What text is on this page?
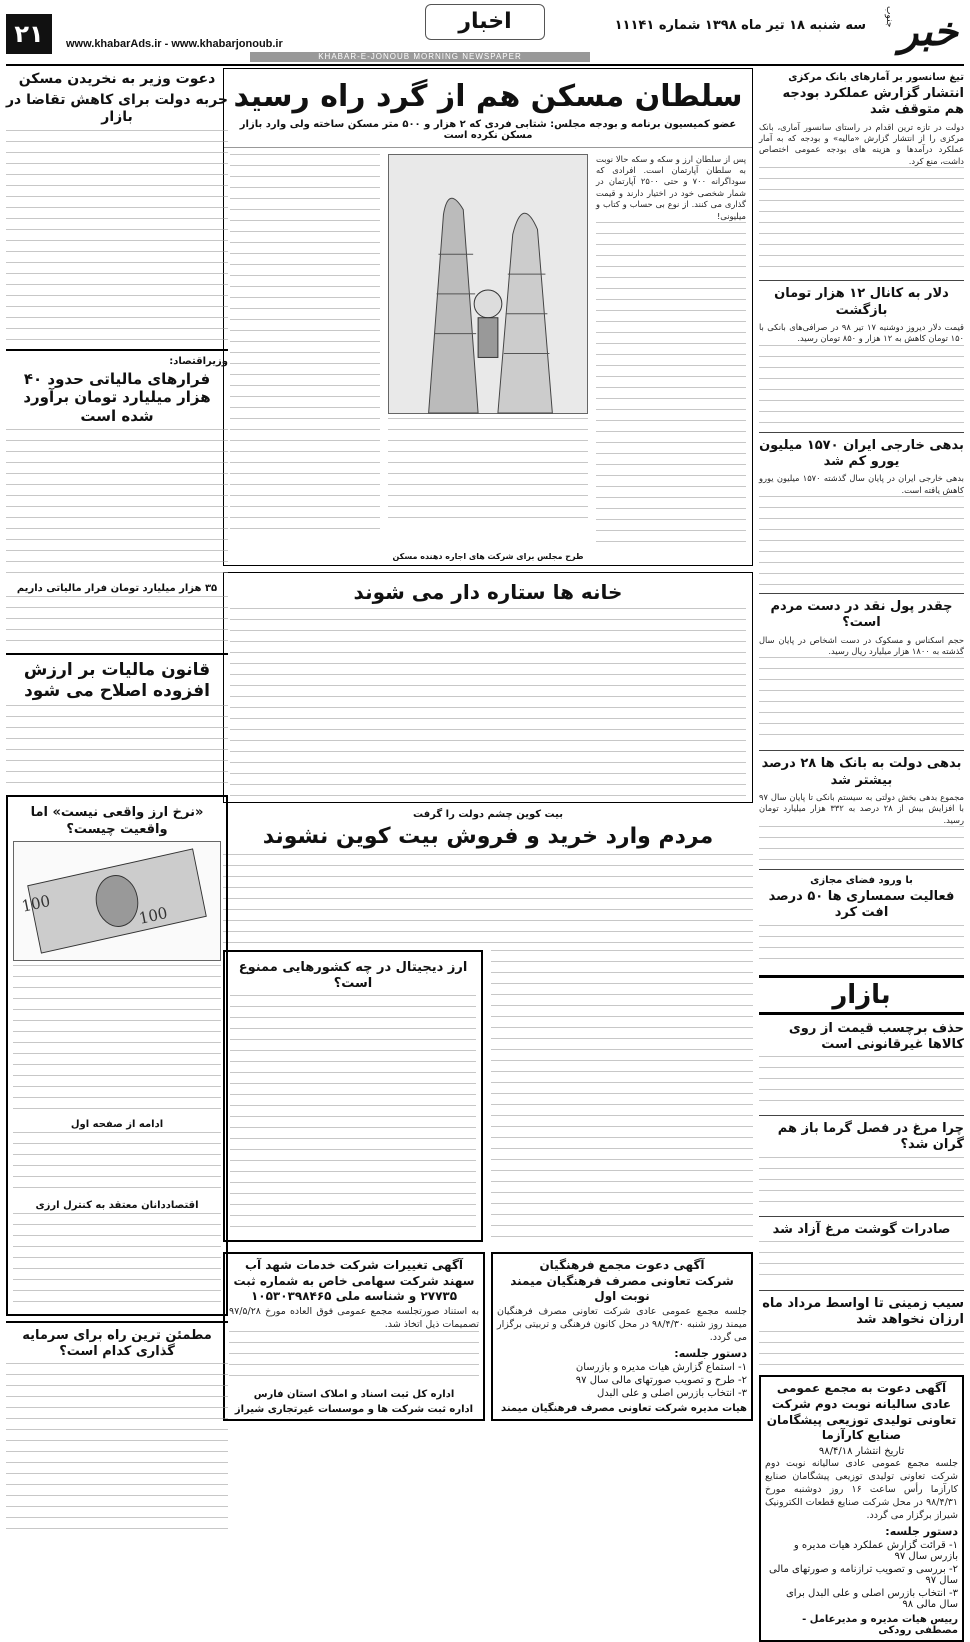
خبر
جنوب
سه شنبه ۱۸ تیر ماه ۱۳۹۸ شماره ۱۱۱۴۱
اخبار
www.khabarAds.ir - www.khabarjonoub.ir
۲۱
KHABAR-E-JONOUB MORNING NEWSPAPER
تیغ سانسور بر آمارهای بانک مرکزی
انتشار گزارش عملکرد بودجه هم متوقف شد

دولت در تازه ترین اقدام در راستای سانسور آماری، بانک مرکزی را از انتشار گزارش «مالیه» و بودجه که به آمار عملکرد درآمدها و هزینه های بودجه عمومی اختصاص داشت، منع کرد.

دلار به کانال ۱۲ هزار تومان بازگشت

قیمت دلار دیروز دوشنبه ۱۷ تیر ۹۸ در صرافی‌های بانکی با ۱۵۰ تومان کاهش به ۱۲ هزار و ۸۵۰ تومان رسید.

بدهی خارجی ایران ۱۵۷۰ میلیون یورو کم شد

بدهی خارجی ایران در پایان سال گذشته ۱۵۷۰ میلیون یورو کاهش یافته است.

چقدر پول نقد در دست مردم است؟

حجم اسکناس و مسکوک در دست اشخاص در پایان سال گذشته به ۱۸۰۰ هزار میلیارد ریال رسید.

بدهی دولت به بانک ها ۲۸ درصد بیشتر شد

مجموع بدهی بخش دولتی به سیستم بانکی تا پایان سال ۹۷ با افزایش بیش از ۲۸ درصد به ۳۳۲ هزار میلیارد تومان رسید.

با ورود فضای مجازی
فعالیت سمساری ها ۵۰ درصد افت کرد
بازار
حذف برچسب قیمت از روی کالاها غیرقانونی است
چرا مرغ در فصل گرما باز هم گران شد؟
صادرات گوشت مرغ آزاد شد
سیب زمینی تا اواسط مرداد ماه ارزان نخواهد شد
آگهی دعوت به مجمع عمومی عادی سالیانه نوبت دوم شرکت تعاونی تولیدی توزیعی پیشگامان صنایع کارآزما
تاریخ انتشار ۹۸/۴/۱۸

جلسه مجمع عمومی عادی سالیانه نوبت دوم شرکت تعاونی تولیدی توزیعی پیشگامان صنایع کارآزما رأس ساعت ۱۶ روز دوشنبه مورخ ۹۸/۴/۳۱ در محل شرکت صنایع قطعات الکترونیک شیراز برگزار می گردد.

دستور جلسه:
۱- قرائت گزارش عملکرد هیات مدیره و بازرس سال ۹۷
۲- بررسی و تصویب ترازنامه و صورتهای مالی سال ۹۷
۳- انتخاب بازرس اصلی و علی البدل برای سال مالی ۹۸
رییس هیات مدیره و مدیرعامل - مصطفی رودکی
سلطان مسکن هم از گرد راه رسید
عضو کمیسیون برنامه و بودجه مجلس: شتابی فردی که ۲ هزار و ۵۰۰ متر مسکن ساخته ولی وارد بازار مسکن نکرده است

پس از سلطان ارز و سکه و سکه حالا نوبت به سلطان آپارتمان است. افرادی که سوداگرانه ۷۰۰ و حتی ۲۵۰۰ آپارتمان در شمار شخصی خود در اختیار دارند و قیمت گذاری می کنند. از نوع بی حساب و کتاب و میلیونی!

طرح مجلس برای شرکت های اجاره دهنده مسکن
خانه ها ستاره دار می شوند
بیت کوین چشم دولت را گرفت
مردم وارد خرید و فروش بیت کوین نشوند
ارز دیجیتال در چه کشورهایی ممنوع است؟
آگهی دعوت مجمع فرهنگیان
شرکت تعاونی مصرف فرهنگیان میمند نوبت اول

جلسه مجمع عمومی عادی شرکت تعاونی مصرف فرهنگیان میمند روز شنبه ۹۸/۴/۳۰ در محل کانون فرهنگی و تربیتی برگزار می گردد.

دستور جلسه:
۱- استماع گزارش هیات مدیره و بازرسان
۲- طرح و تصویب صورتهای مالی سال ۹۷
۳- انتخاب بازرس اصلی و علی البدل
هیات مدیره شرکت تعاونی مصرف فرهنگیان میمند
آگهی تغییرات شرکت خدمات شهد آب سهند شرکت سهامی خاص به شماره ثبت ۲۷۷۳۵ و شناسه ملی ۱۰۵۳۰۳۹۸۴۶۵

به استناد صورتجلسه مجمع عمومی فوق العاده مورخ ۹۷/۵/۲۸ تصمیمات ذیل اتخاذ شد.

اداره کل ثبت اسناد و املاک استان فارس
اداره ثبت شرکت ها و موسسات غیرتجاری شیراز
دعوت وزیر به نخریدن مسکن
حربه دولت برای کاهش تقاضا در بازار
وزیراقتصاد:
فرارهای مالیاتی حدود ۴۰ هزار میلیارد تومان برآورد شده است
۳۵ هزار میلیارد تومان فرار مالیاتی داریم
قانون مالیات بر ارزش افزوده اصلاح می شود
«نرخ ارز واقعی نیست» اما واقعیت چیست؟
100	100
ادامه از صفحه اول
اقتصاددانان معتقد به کنترل ارزی
مطمئن ترین راه برای سرمایه گذاری کدام است؟
